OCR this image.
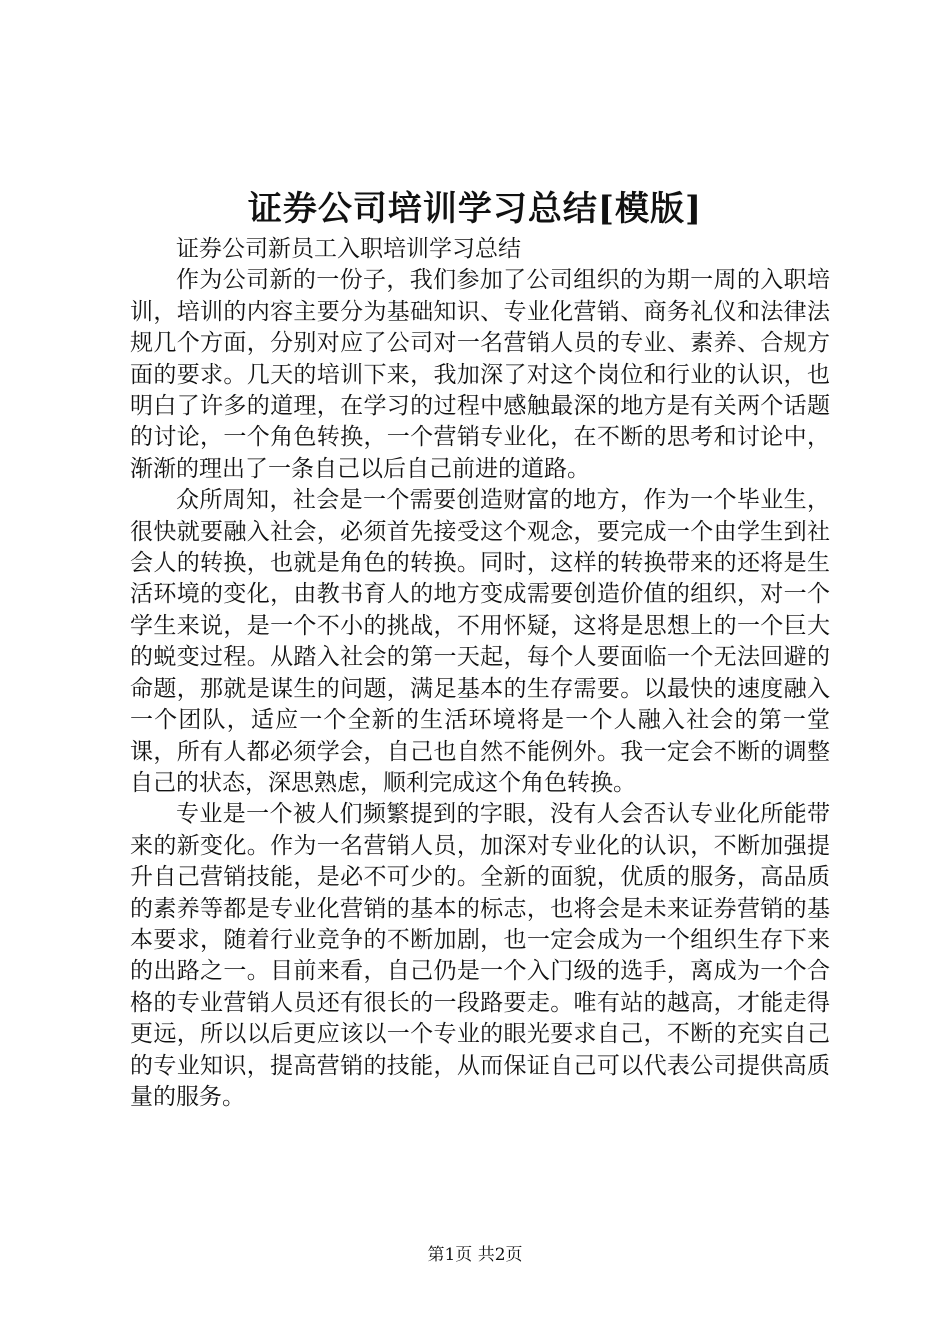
证券公司培训学习总结[模版]

证券公司新员工入职培训学习总结

作为公司新的一份子，我们参加了公司组织的为期一周的入职培训，培训的内容主要分为基础知识、专业化营销、商务礼仪和法律法规几个方面，分别对应了公司对一名营销人员的专业、素养、合规方面的要求。几天的培训下来，我加深了对这个岗位和行业的认识，也明白了许多的道理，在学习的过程中感触最深的地方是有关两个话题的讨论，一个角色转换，一个营销专业化，在不断的思考和讨论中，渐渐的理出了一条自己以后自己前进的道路。

众所周知，社会是一个需要创造财富的地方，作为一个毕业生，很快就要融入社会，必须首先接受这个观念，要完成一个由学生到社会人的转换，也就是角色的转换。同时，这样的转换带来的还将是生活环境的变化，由教书育人的地方变成需要创造价值的组织，对一个学生来说，是一个不小的挑战，不用怀疑，这将是思想上的一个巨大的蜕变过程。从踏入社会的第一天起，每个人要面临一个无法回避的命题，那就是谋生的问题，满足基本的生存需要。以最快的速度融入一个团队，适应一个全新的生活环境将是一个人融入社会的第一堂课，所有人都必须学会，自己也自然不能例外。我一定会不断的调整自己的状态，深思熟虑，顺利完成这个角色转换。

专业是一个被人们频繁提到的字眼，没有人会否认专业化所能带来的新变化。作为一名营销人员，加深对专业化的认识，不断加强提升自己营销技能，是必不可少的。全新的面貌，优质的服务，高品质的素养等都是专业化营销的基本的标志，也将会是未来证券营销的基本要求，随着行业竞争的不断加剧，也一定会成为一个组织生存下来的出路之一。目前来看，自己仍是一个入门级的选手，离成为一个合格的专业营销人员还有很长的一段路要走。唯有站的越高，才能走得更远，所以以后更应该以一个专业的眼光要求自己，不断的充实自己的专业知识，提高营销的技能，从而保证自己可以代表公司提供高质量的服务。

第1页 共2页
